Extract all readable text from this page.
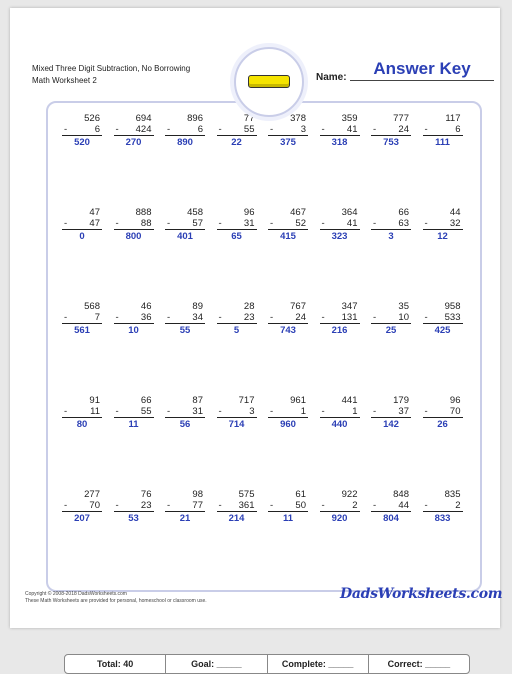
Mixed Three Digit Subtraction, No Borrowing
Math Worksheet 2	Name:	Answer Key
526
-	6
520
694
- 424
270
896
-	6
890
77
- 55
22
378
-	3
375
359
- 41
318
777
- 24
753
117
-	6
111
47
- 47
0
888
- 88
800
458
- 57
401
96
- 31
65
467
- 52
415
364
- 41
323
66
- 63
3
44
- 32
12
568
-	7
561
46
- 36
10
89
- 34
55
28
- 23
5
767
- 24
743
347
- 131
216
35
- 10
25
958
- 533
425
91
- 11
80
66
- 55
11
87
- 31
56
717
-	3
714
961
-	1
960
441
-	1
440
179
- 37
142
96
- 70
26
277
- 70
207
76
- 23
53
98
- 77
21
575
- 361
214
61
- 50
11
922
-	2
920
848
- 44
804
835
-	2
833
Total: 40	Goal: _____	Complete: _____	Correct: _____
Copyright © 2008-2018 DadsWorksheets.com
These Math Worksheets are provided for personal, homeschool or classroom use.	DadsWorksheets.com
